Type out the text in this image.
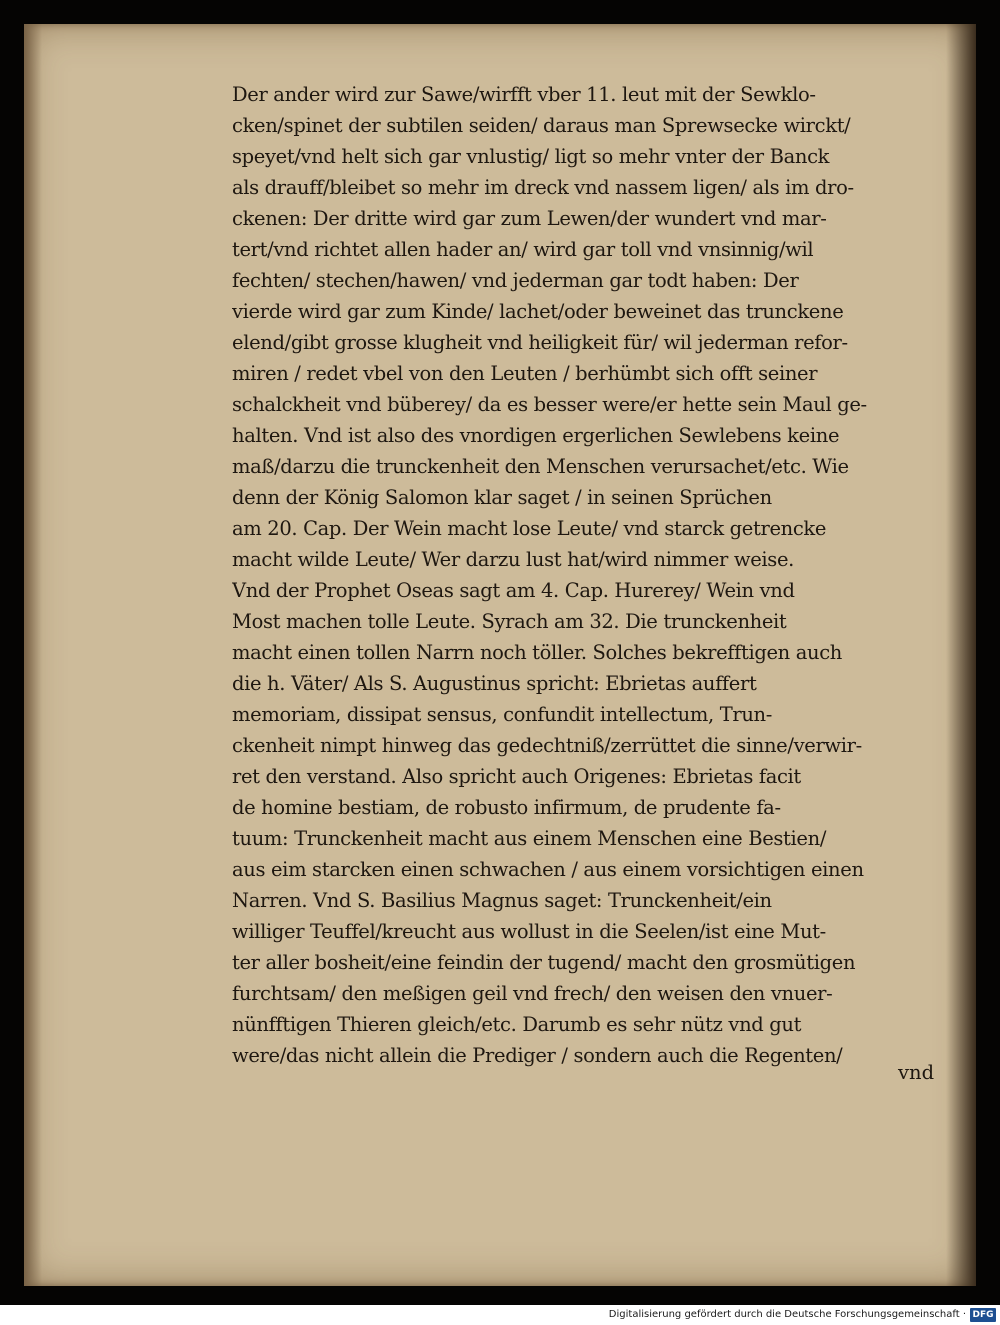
Der ander wird zur Sawe/wirfft vber 11. leut mit der Sewklo-
cken/spinet der subtilen seiden/ daraus man Sprewsecke wirckt/
speyet/vnd helt sich gar vnlustig/ ligt so mehr vnter der Banck
als drauff/bleibet so mehr im dreck vnd nassem ligen/ als im dro-
ckenen: Der dritte wird gar zum Lewen/der wundert vnd mar-
tert/vnd richtet allen hader an/ wird gar toll vnd vnsinnig/wil
fechten/ stechen/hawen/ vnd jederman gar todt haben: Der
vierde wird gar zum Kinde/ lachet/oder beweinet das trunckene
elend/gibt grosse klugheit vnd heiligkeit für/ wil jederman refor-
miren / redet vbel von den Leuten / berhümbt sich offt seiner
schalckheit vnd büberey/ da es besser were/er hette sein Maul ge-
halten. Vnd ist also des vnordigen ergerlichen Sewlebens keine
maß/darzu die trunckenheit den Menschen verursachet/etc. Wie
denn der König Salomon klar saget / in seinen Sprüchen
am 20. Cap. Der Wein macht lose Leute/ vnd starck getrencke
macht wilde Leute/ Wer darzu lust hat/wird nimmer weise.
Vnd der Prophet Oseas sagt am 4. Cap. Hurerey/ Wein vnd
Most machen tolle Leute. Syrach am 32. Die trunckenheit
macht einen tollen Narrn noch töller. Solches bekrefftigen auch
die h. Väter/ Als S. Augustinus spricht: Ebrietas auffert
memoriam, dissipat sensus, confundit intellectum, Trun-
ckenheit nimpt hinweg das gedechtniß/zerrüttet die sinne/verwir-
ret den verstand. Also spricht auch Origenes: Ebrietas facit
de homine bestiam, de robusto infirmum, de prudente fa-
tuum: Trunckenheit macht aus einem Menschen eine Bestien/
aus eim starcken einen schwachen / aus einem vorsichtigen einen
Narren. Vnd S. Basilius Magnus saget: Trunckenheit/ein
williger Teuffel/kreucht aus wollust in die Seelen/ist eine Mut-
ter aller bosheit/eine feindin der tugend/ macht den grosmütigen
furchtsam/ den meßigen geil vnd frech/ den weisen den vnuer-
nünfftigen Thieren gleich/etc. Darumb es sehr nütz vnd gut
were/das nicht allein die Prediger / sondern auch die Regenten/
vnd
Digitalisierung gefördert durch die Deutsche Forschungsgemeinschaft · DFG
